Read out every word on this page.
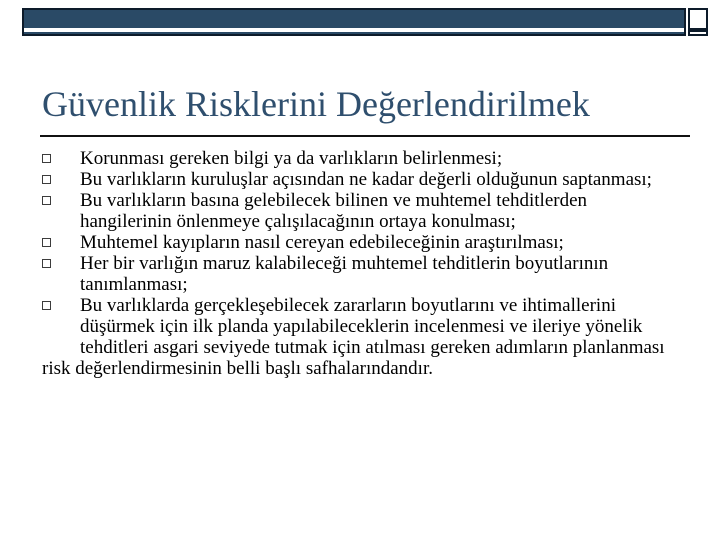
Güvenlik Risklerini Değerlendirilmek
Korunması gereken bilgi ya da varlıkların belirlenmesi;
Bu varlıkların kuruluşlar açısından ne kadar değerli olduğunun saptanması;
Bu varlıkların basına gelebilecek bilinen ve muhtemel tehditlerden hangilerinin önlenmeye çalışılacağının ortaya konulması;
Muhtemel kayıpların nasıl cereyan edebileceğinin araştırılması;
Her bir varlığın maruz kalabileceği muhtemel tehditlerin boyutlarının tanımlanması;
Bu varlıklarda gerçekleşebilecek zararların boyutlarını ve ihtimallerini düşürmek için ilk planda yapılabileceklerin incelenmesi ve ileriye yönelik tehditleri asgari seviyede tutmak için atılması gereken adımların planlanması

risk değerlendirmesinin belli başlı safhalarındandır.
